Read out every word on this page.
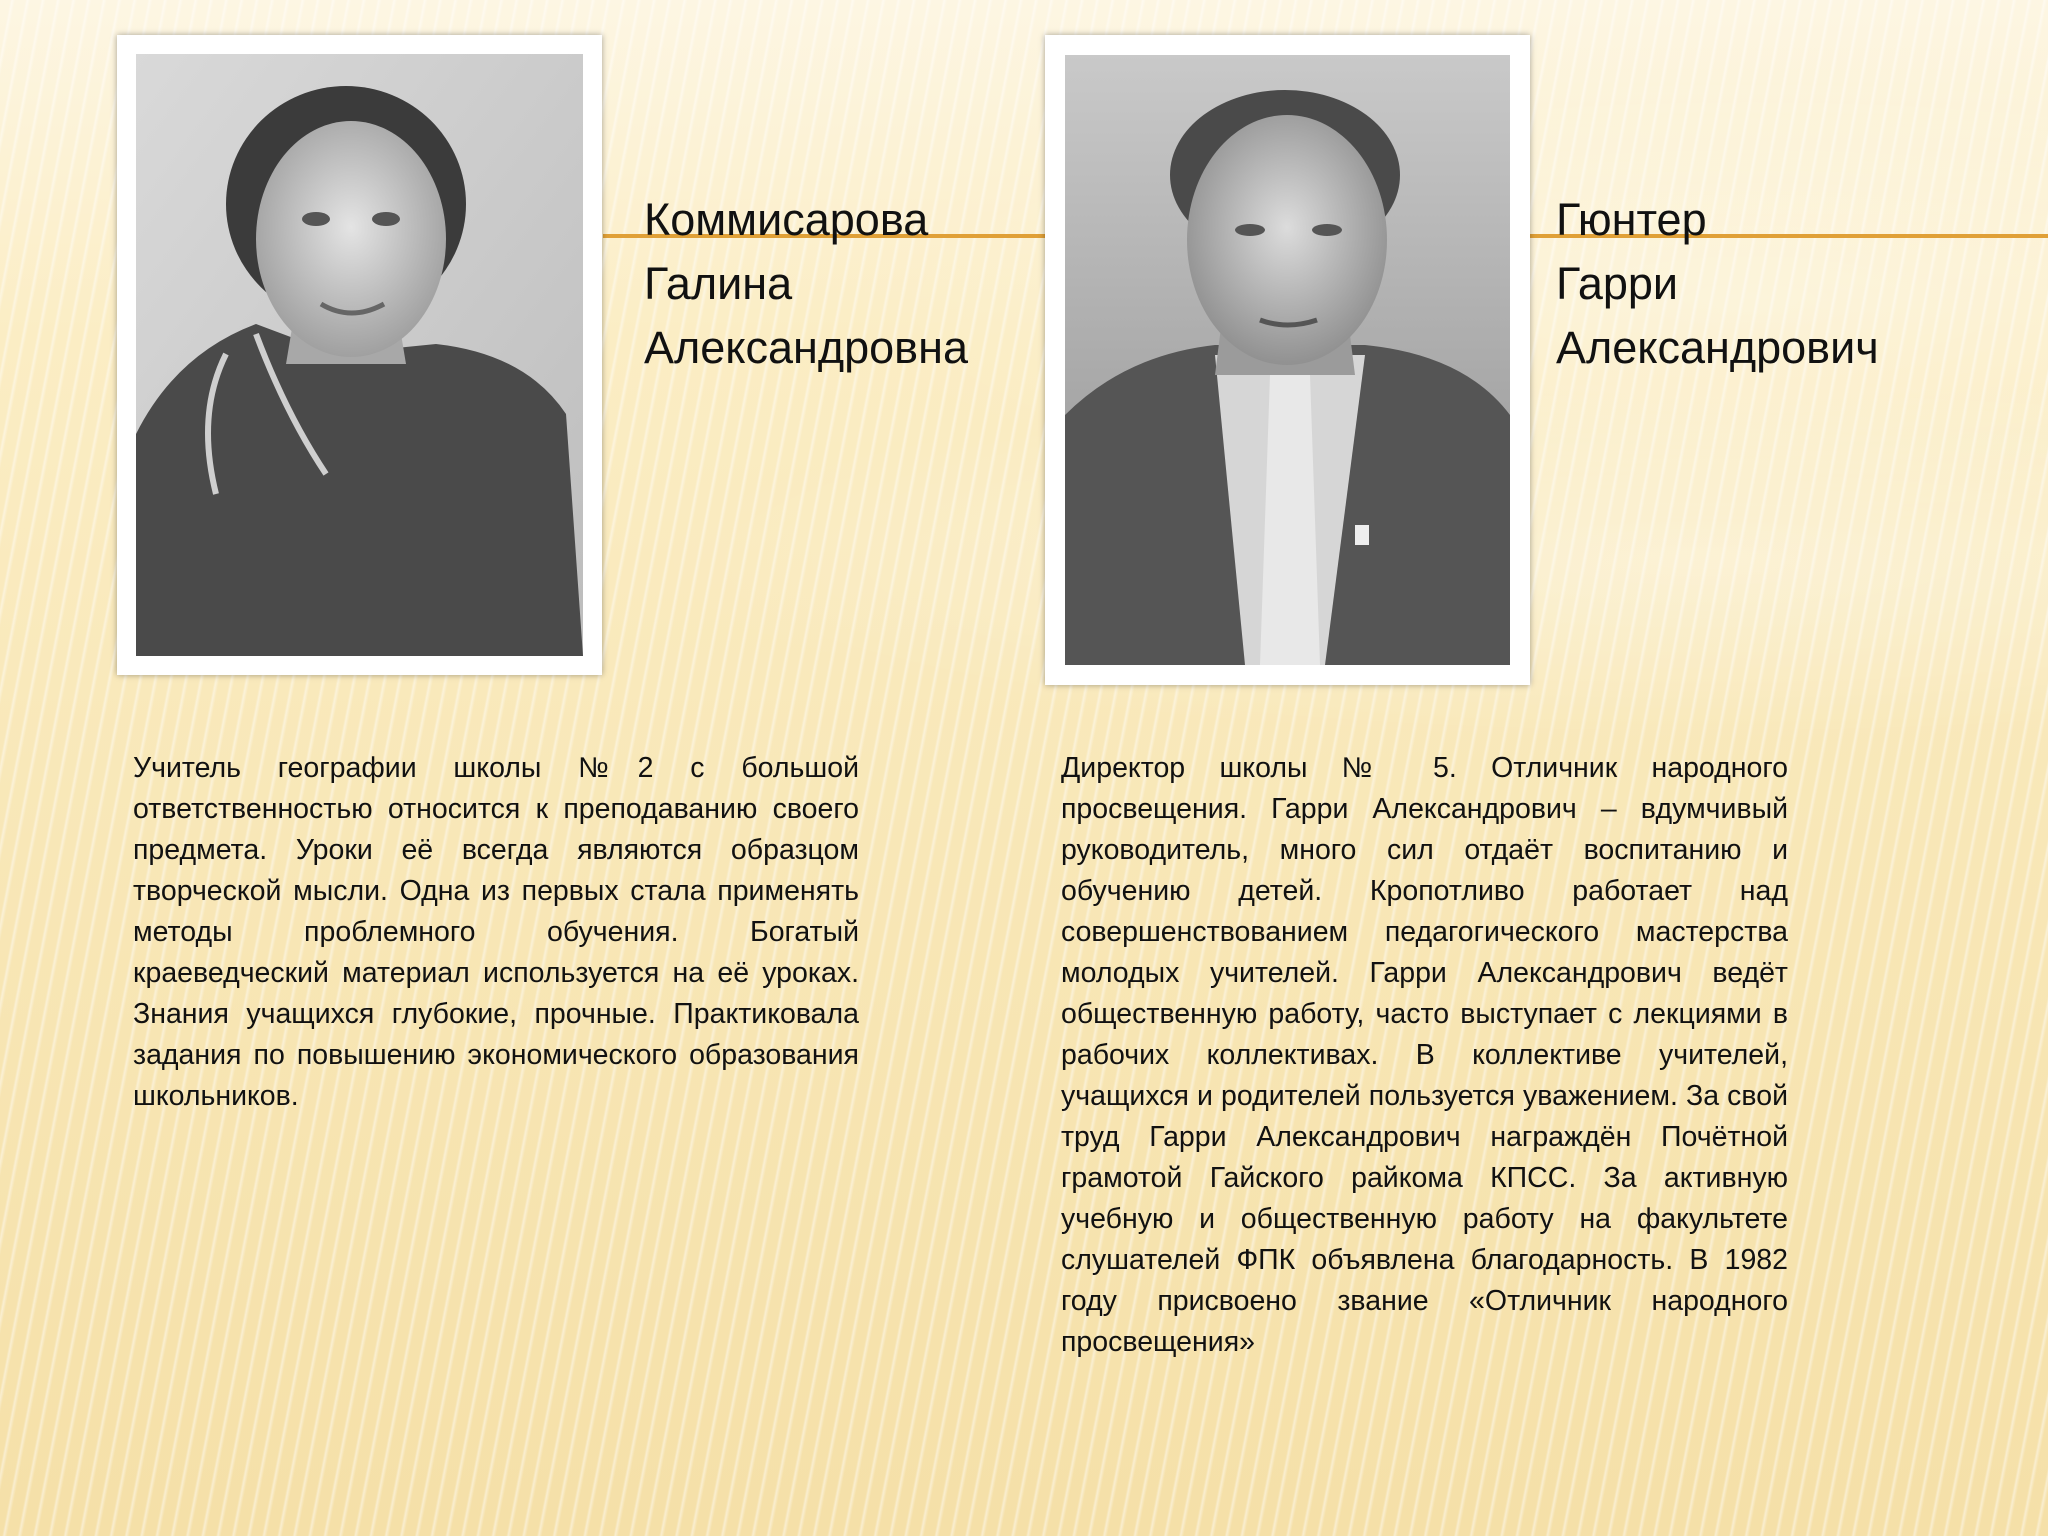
Коммисарова
Галина
Александровна
Гюнтер
Гарри
Александрович

Учитель географии школы №2 с большой ответственностью относится к преподаванию своего предмета. Уроки её всегда являются образцом творческой мысли. Одна из первых стала применять методы проблемного обучения. Богатый краеведческий материал используется на её уроках. Знания учащихся глубокие, прочные. Практиковала задания по повышению экономического образования школьников.

Директор школы № 5. Отличник народного просвещения. Гарри Александрович – вдумчивый руководитель, много сил отдаёт воспитанию и обучению детей. Кропотливо работает над совершенствованием педагогического мастерства молодых учителей. Гарри Александрович ведёт общественную работу, часто выступает с лекциями в рабочих коллективах. В коллективе учителей, учащихся и родителей пользуется уважением. За свой труд Гарри Александрович награждён Почётной грамотой Гайского райкома КПСС. За активную учебную и общественную работу на факультете слушателей ФПК объявлена благодарность. В 1982 году присвоено звание «Отличник народного просвещения»
